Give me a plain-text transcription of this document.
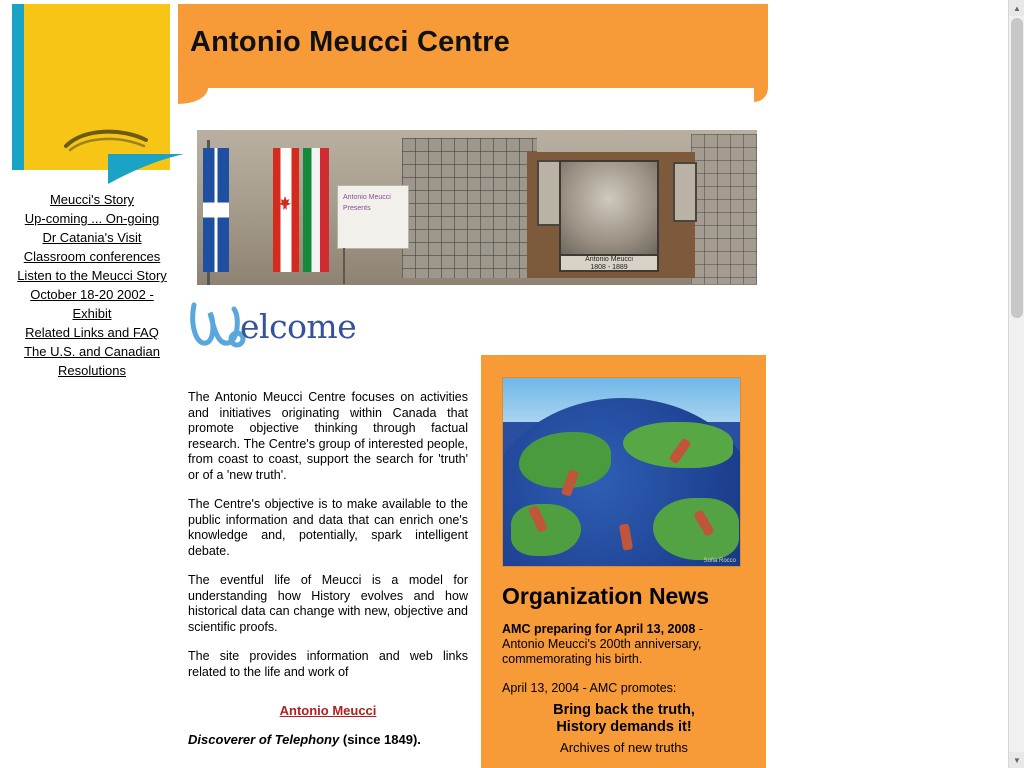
Meucci's Story
Up-coming ... On-going
Dr Catania's Visit
Classroom conferences
Listen to the Meucci Story
October 18-20 2002 - Exhibit
Related Links and FAQ
The U.S. and Canadian Resolutions
Antonio Meucci Centre
Antonio Meucci
1808 - 1889
Antonio Meucci Presents
elcome

The Antonio Meucci Centre focuses on activities and initiatives originating within Canada that promote objective thinking through factual research. The Centre's group of interested people, from coast to coast, support the search for 'truth' or of a 'new truth'.

The Centre's objective is to make available to the public information and data that can enrich one's knowledge and, potentially, spark intelligent debate.

The eventful life of Meucci is a model for understanding how History evolves and how historical data can change with new, objective and scientific proofs.

The site provides information and web links related to the life and work of

Antonio Meucci
Discoverer of Telephony (since 1849).
Sofia Rocco
Organization News
AMC preparing for April 13, 2008 - Antonio Meucci's 200th anniversary, commemorating his birth.
April 13, 2004 - AMC promotes:
Bring back the truth,
History demands it!
Archives of new truths
▲
▼
